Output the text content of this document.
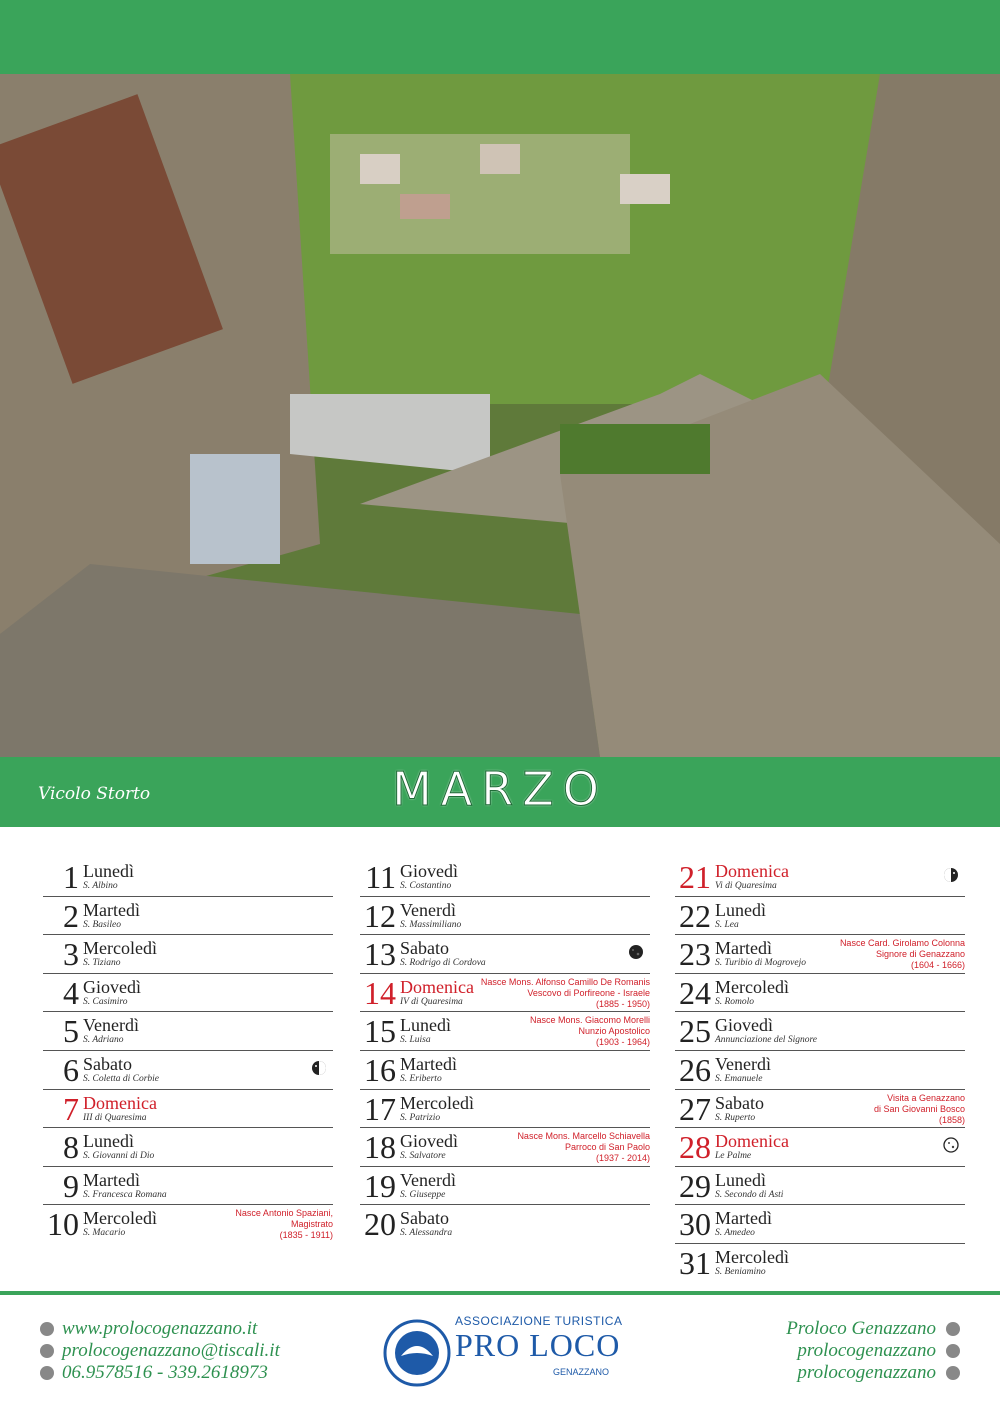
Vicolo Storto	MARZO
1 Lunedì
S. Albino
2 Martedì
S. Basileo
3 Mercoledì
S. Tiziano
4 Giovedì
S. Casimiro
5 Venerdì
S. Adriano
6 Sabato
S. Coletta di Corbie
7 Domenica
III di Quaresima
8 Lunedì
S. Giovanni di Dio
9 Martedì
S. Francesca Romana
10 Mercoledì
S. Macario
Nasce Antonio Spaziani,
Magistrato
(1835 - 1911)
11 Giovedì
S. Costantino
12 Venerdì
S. Massimiliano
13 Sabato
S. Rodrigo di Cordova
14 Domenica
IV di Quaresima
Nasce Mons. Alfonso Camillo De Romanis
Vescovo di Porfireone - Israele
(1885 - 1950)
15 Lunedì
S. Luisa
Nasce Mons. Giacomo Morelli
Nunzio Apostolico
(1903 - 1964)
16 Martedì
S. Eriberto
17 Mercoledì
S. Patrizio
18 Giovedì
S. Salvatore
Nasce Mons. Marcello Schiavella
Parroco di San Paolo
(1937 - 2014)
19 Venerdì
S. Giuseppe
20 Sabato
S. Alessandra
21 Domenica
Vi di Quaresima
22 Lunedì
S. Lea
23 Martedì
S. Turibio di Mogrovejo
Nasce Card. Girolamo Colonna
Signore di Genazzano
(1604 - 1666)
24 Mercoledì
S. Romolo
25 Giovedì
Annunciazione del Signore
26 Venerdì
S. Emanuele
27 Sabato
S. Ruperto
Visita a Genazzano
di San Giovanni Bosco
(1858)
28 Domenica
Le Palme
29 Lunedì
S. Secondo di Asti
30 Martedì
S. Amedeo
31 Mercoledì
S. Beniamino
www.prolocogenazzano.it
prolocogenazzano@tiscali.it
06.9578516 - 339.2618973
ASSOCIAZIONE TURISTICA
PRO LOCO
GENAZZANO
Proloco Genazzano
prolocogenazzano
prolocogenazzano
